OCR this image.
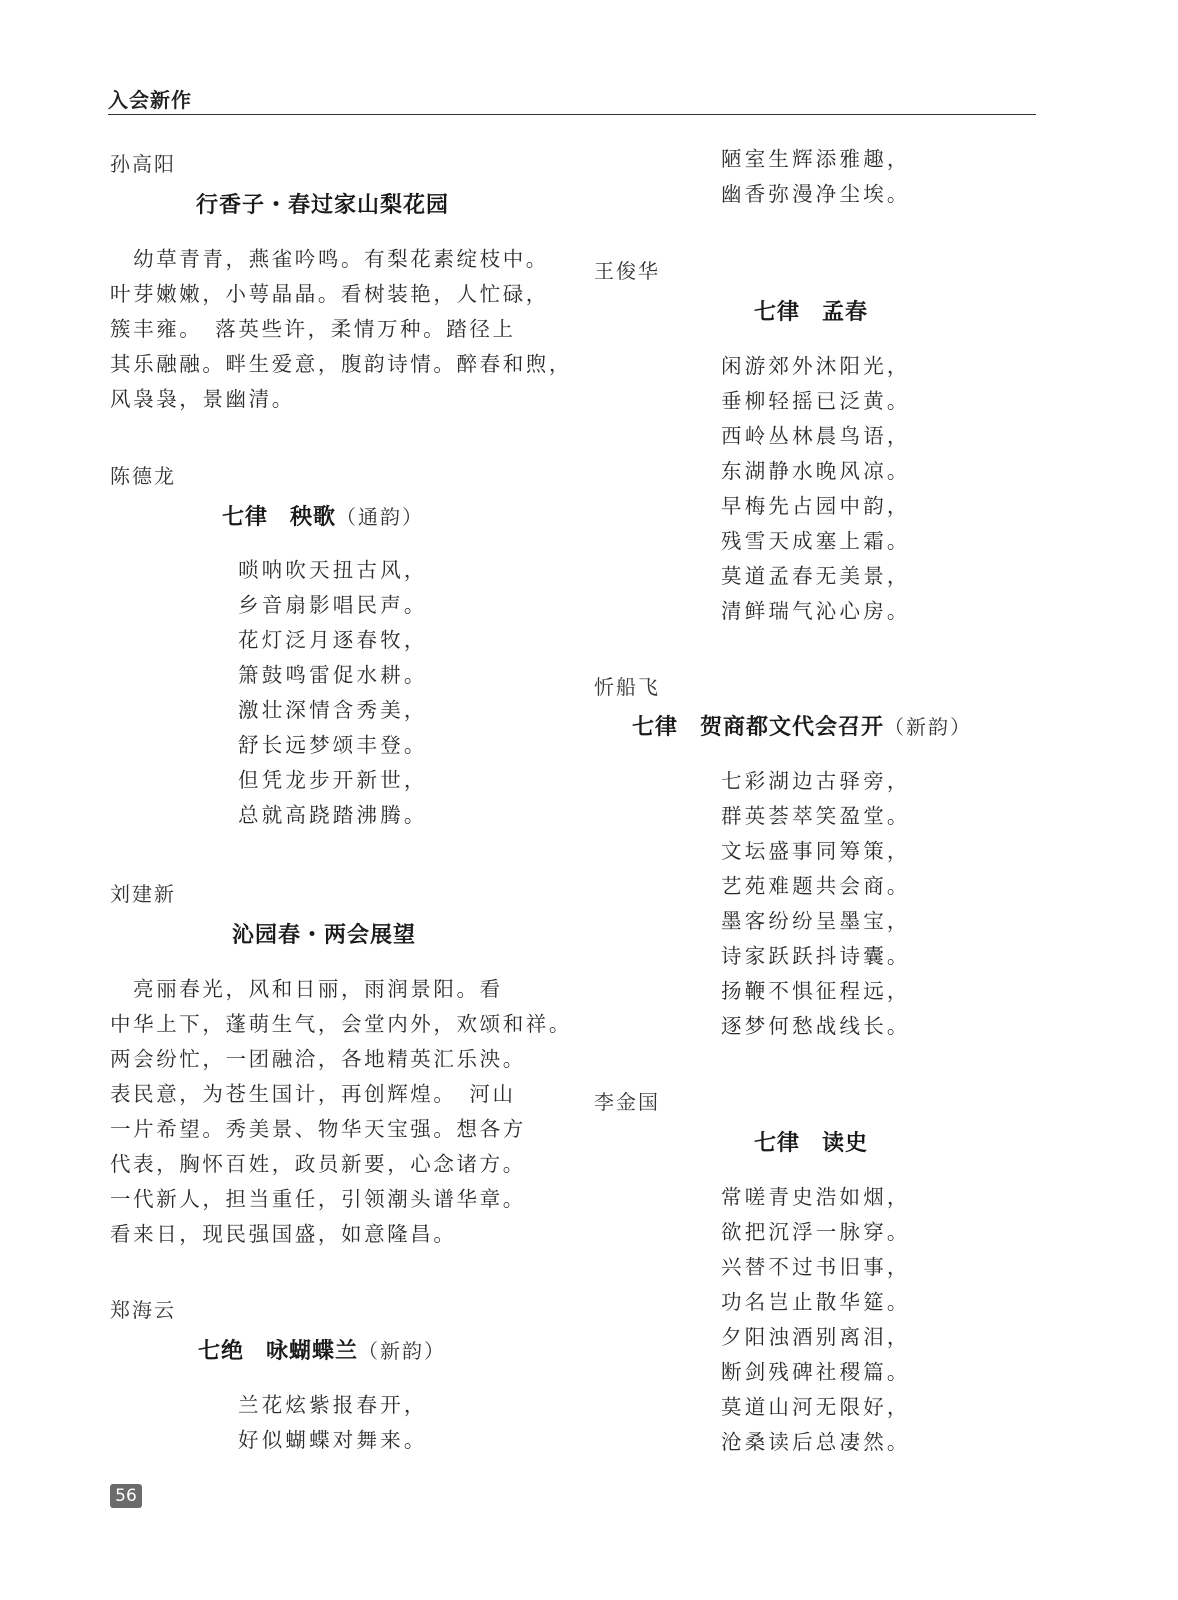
入会新作
孙高阳
行香子・春过家山梨花园
　幼草青青，燕雀吟鸣。有梨花素绽枝中。
叶芽嫩嫩，小萼晶晶。看树装艳，人忙碌，
簇丰雍。　落英些许，柔情万种。踏径上
其乐融融。畔生爱意，腹韵诗情。醉春和煦，
风袅袅，景幽清。
陈德龙
七律 秧歌（通韵）
唢呐吹天扭古风，
乡音扇影唱民声。
花灯泛月逐春牧，
箫鼓鸣雷促水耕。
激壮深情含秀美，
舒长远梦颂丰登。
但凭龙步开新世，
总就高跷踏沸腾。
刘建新
沁园春・两会展望
　亮丽春光，风和日丽，雨润景阳。看
中华上下，蓬萌生气，会堂内外，欢颂和祥。
两会纷忙，一团融洽，各地精英汇乐泱。
表民意，为苍生国计，再创辉煌。　河山
一片希望。秀美景、物华天宝强。想各方
代表，胸怀百姓，政员新要，心念诸方。
一代新人，担当重任，引领潮头谱华章。
看来日，现民强国盛，如意隆昌。
郑海云
七绝 咏蝴蝶兰（新韵）
兰花炫紫报春开，
好似蝴蝶对舞来。
56
陋室生辉添雅趣，
幽香弥漫净尘埃。
王俊华
七律 孟春
闲游郊外沐阳光，
垂柳轻摇已泛黄。
西岭丛林晨鸟语，
东湖静水晚风凉。
早梅先占园中韵，
残雪天成塞上霜。
莫道孟春无美景，
清鲜瑞气沁心房。
忻船飞
七律 贺商都文代会召开（新韵）
七彩湖边古驿旁，
群英荟萃笑盈堂。
文坛盛事同筹策，
艺苑难题共会商。
墨客纷纷呈墨宝，
诗家跃跃抖诗囊。
扬鞭不惧征程远，
逐梦何愁战线长。
李金国
七律 读史
常嗟青史浩如烟，
欲把沉浮一脉穿。
兴替不过书旧事，
功名岂止散华筵。
夕阳浊酒别离泪，
断剑残碑社稷篇。
莫道山河无限好，
沧桑读后总凄然。
